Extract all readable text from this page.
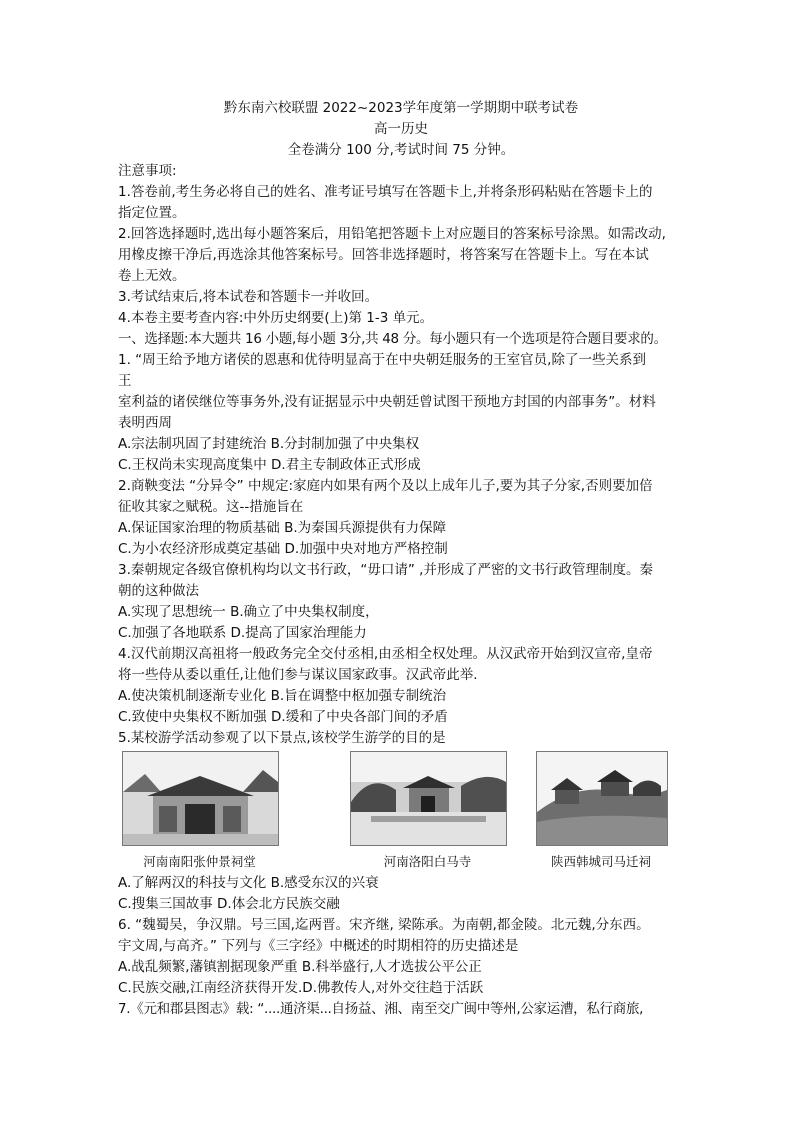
黔东南六校联盟 2022~2023学年度第一学期期中联考试卷
高一历史
全卷满分 100 分,考试时间 75 分钟。
注意事项:
1.答卷前,考生务必将自己的姓名、准考证号填写在答题卡上,并将条形码粘贴在答题卡上的
指定位置。
2.回答选择题时,选出每小题答案后，用铅笔把答题卡上对应题目的答案标号涂黑。如需改动,
用橡皮擦干净后,再选涂其他答案标号。回答非选择题时，将答案写在答题卡上。写在本试
卷上无效。
3.考试结束后,将本试卷和答题卡一并收回。
4.本卷主要考查内容:中外历史纲要(上)第 1-3 单元。
一、选择题:本大题共 16 小题,每小题 3分,共 48 分。每小题只有一个选项是符合题目要求的。
1. “周王给予地方诸侯的恩惠和优待明显高于在中央朝廷服务的王室官员,除了一些关系到
王
室利益的诸侯继位等事务外,没有证据显示中央朝廷曾试图干预地方封国的内部事务”。材料
表明西周
A.宗法制巩固了封建统治 B.分封制加强了中央集权
C.王权尚未实现高度集中 D.君主专制政体正式形成
2.商鞅变法 “分异令” 中规定:家庭内如果有两个及以上成年儿子,要为其子分家,否则要加倍
征收其家之赋税。这--措施旨在
A.保证国家治理的物质基础 B.为秦国兵源提供有力保障
C.为小农经济形成奠定基础 D.加强中央对地方严格控制
3.秦朝规定各级官僚机构均以文书行政，“毋口请” ,并形成了严密的文书行政管理制度。秦
朝的这种做法
A.实现了思想统一 B.确立了中央集权制度，
C.加强了各地联系 D.提高了国家治理能力
4.汉代前期汉高祖将一般政务完全交付丞相,由丞相全权处理。从汉武帝开始到汉宣帝,皇帝
将一些侍从委以重任,让他们参与谋议国家政事。汉武帝此举.
A.使决策机制逐渐专业化 B.旨在调整中枢加强专制统治
C.致使中央集权不断加强 D.缓和了中央各部门间的矛盾
5.某校游学活动参观了以下景点,该校学生游学的目的是
河南南阳张仲景祠堂	河南洛阳白马寺	陕西韩城司马迁祠
A.了解两汉的科技与文化 B.感受东汉的兴衰
C.搜集三国故事 D.体会北方民族交融
6. “魏蜀吴，争汉鼎。号三国,迄两晋。宋齐继, 梁陈承。为南朝,都金陵。北元魏,分东西。
宇文周,与高齐。” 下列与《三字经》中概述的时期相符的历史描述是
A.战乱频繁,藩镇割据现象严重 B.科举盛行,人才选拔公平公正
C.民族交融,江南经济获得开发.D.佛教传人,对外交往趋于活跃
7.《元和郡县图志》载: “....通济渠...自扬益、湘、南至交广闽中等州,公家运漕，私行商旅,
